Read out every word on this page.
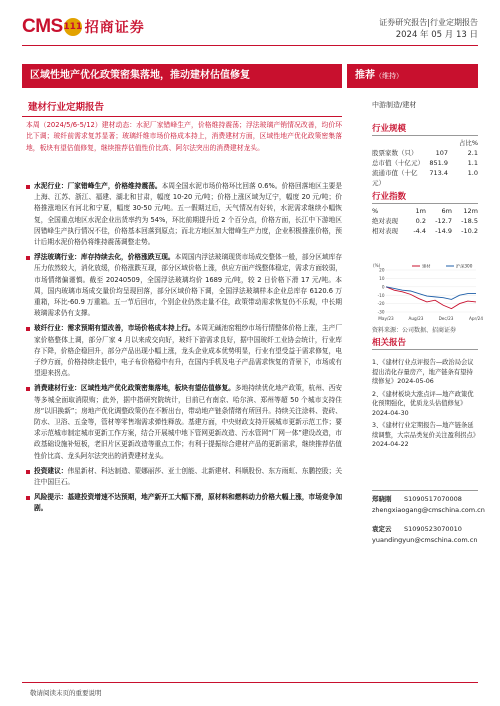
CMS 111 招商证券	证券研究报告|行业定期报告
2024 年 05 月 13 日
区域性地产优化政策密集落地，推动建材估值修复	推荐（维持）
建材行业定期报告	中游制造/建材
本周（2024/5/6-5/12）建材动态：水泥厂家错峰生产，价格维持震荡；浮法玻璃产销情况改善，均价环比下调；玻纤前需求复苏显著；玻璃纤维市场价格成本持上，消费建材方面，区域性地产优化政策密集落地，板块有望估值修复，继续推荐估值性价比高、阿尔法突出的消费建材龙头。
水泥行业：厂家错峰生产，价格维持震荡。本周全国水泥市场价格环比回落 0.6%。价格回落地区主要是上海、江苏、浙江、福建、湖北和甘肃，幅度 10-20 元/吨；价格上涨区域为辽宁，幅度 20 元/吨；价格推涨地区有河北和宁夏，幅度 30-50 元/吨。五一假期过后，天气情况有好转，水泥需求继续小幅恢复，全国重点地区水泥企业出货率约为 54%，环比前期提升近 2 个百分点，价格方面，长江中下游地区因错峰生产执行情况不佳，价格基本回落到原点；而北方地区加大错峰生产力度，企业积极推涨价格，预计后期水泥价格仍将维持震荡调整走势。
浮法玻璃行业：库存持续去化，价格涨跌互现。本周国内浮法玻璃现货市场成交整体一般，部分区域库存压力依然较大，消化放缓，价格涨跌互现，部分区域价格上涨，供应方面产线整体稳定，需求方面较弱，市场情绪偏谨慎。截至 20240509，全国浮法玻璃均价 1689 元/吨，较 2 日价格下滑 17 元/吨。本周，国内玻璃市场成交量价均呈现回落，部分区域价格下调，全国浮法玻璃样本企业总库存 6120.6 万重箱，环比-60.9 万重箱。五一节后回市，个别企业仍然走量不佳，政策带动需求恢复仍不乐观，中长期玻璃需求仍有支撑。
玻纤行业：需求预期有望改善，市场价格成本持上行。本周无碱池窑粗纱市场行情整体价格上涨，主产厂家价格整体上调，部分厂家 4 月以来成交向好，玻纤下游需求良好，据中国玻纤工业协会统计，行业库存下降，价格企稳回升，部分产品出现小幅上涨，龙头企业成本优势明显，行业有望受益于需求修复，电子纱方面，价格持续走低中，电子布价格稳中有升，在国内手机及电子产品需求恢复的背景下，市场或有望迎来拐点。
消费建材行业：区域性地产优化政策密集落地，板块有望估值修复。多地持续优化地产政策，杭州、西安等多城全面取消限购；此外，据中指研究院统计，目前已有南京、哈尔滨、郑州等超 50 个城市支持住房“以旧换新”；房地产优化调整政策仍在不断出台，带动地产链条情绪有所回升。持续关注涂料、瓷砖、防水、卫浴、五金等，管材等零售端需求弹性释放。基建方面，中央财政支持开展城市更新示范工作；要求示范城市制定城市更新工作方案，结合开展城中地下管网更新改造、污水管网“厂网一体”建设改造，市政基础设施补短板，老旧片区更新改造等重点工作；有利于提振综合建材产品的更新需求，继续推荐估值性价比高、龙头阿尔法突出的消费建材龙头。
投资建议：伟星新材、科达制造、蒙娜丽莎、亚士创能、北新建材、科顺股份、东方雨虹、东鹏控股；关注中国巨石。
风险提示：基建投资增速不达预期，地产新开工大幅下滑，原材料和燃料动力价格大幅上涨，市场竞争加剧。
行业规模
占比%
股票家数（只）	107	2.1
总市值（十亿元） 851.9	1.1
流通市值（十亿元）
713.4	1.0
行业指数
%	1m	6m	12m
绝对表现	0.2	-12.7	-18.5
相对表现	-4.4	-14.9	-10.2
20
10
0
-10
-20
-30
(%)	建材	沪深300
May/23	Aug/23	Dec/23	Apr/24
资料来源：公司数据、招商证券
相关报告

1、《建材行业点评报告—政治局会议提出消化存量房产，地产链条有望持续修复》2024-05-06

2、《建材板块大涨点评—地产政策优化预期强化，优质龙头估值修复》2024-04-30

3、《建材行业定期报告—地产链条延续调整，大宗品类复价关注盈利拐点》2024-04-22

郑晓刚 S1090517070008
zhengxiaogang@cmschina.com.cn
袁定云 S1090523070010
yuandingyun@cmschina.com.cn
敬请阅读末页的重要说明
